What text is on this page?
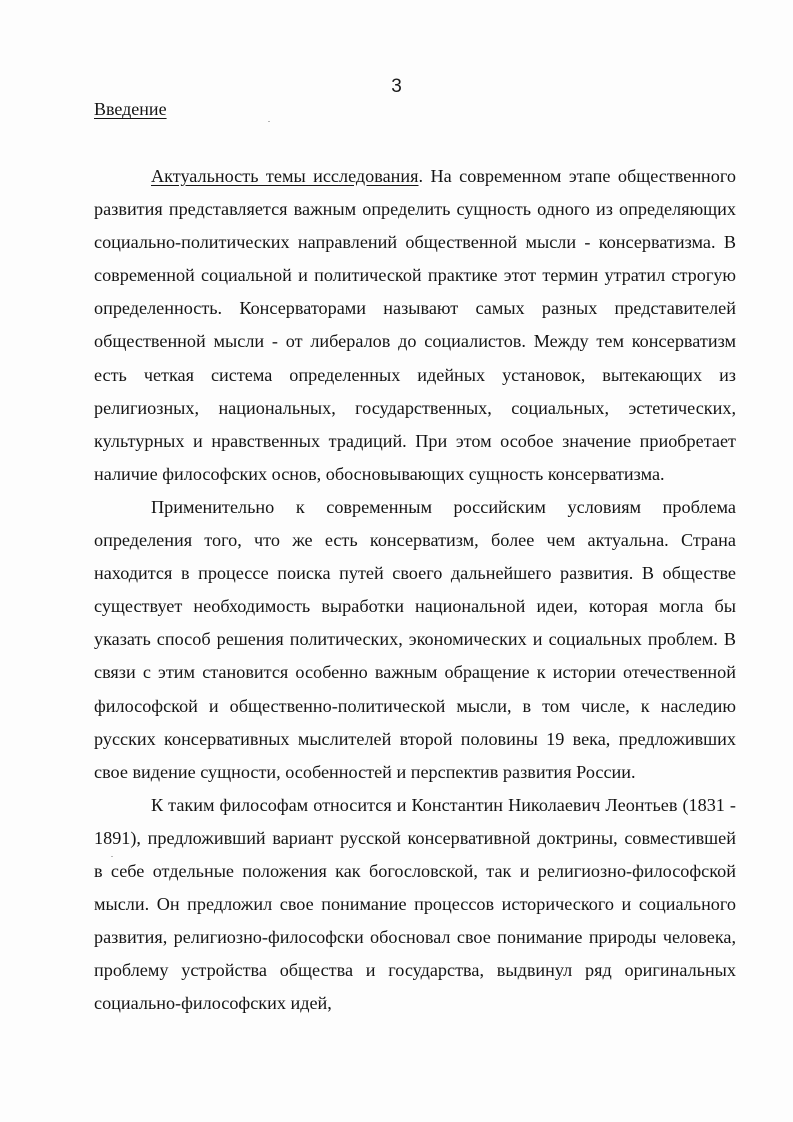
3
Введение

Актуальность темы исследования. На современном этапе общественного развития представляется важным определить сущность одного из определяющих социально-политических направлений общественной мысли - консерватизма. В современной социальной и политической практике этот термин утратил строгую определенность. Консерваторами называют самых разных представителей общественной мысли - от либералов до социалистов. Между тем консерватизм есть четкая система определенных идейных установок, вытекающих из религиозных, национальных, государственных, социальных, эстетических, культурных и нравственных традиций. При этом особое значение приобретает наличие философских основ, обосновывающих сущность консерватизма.

Применительно к современным российским условиям проблема определения того, что же есть консерватизм, более чем актуальна. Страна находится в процессе поиска путей своего дальнейшего развития. В обществе существует необходимость выработки национальной идеи, которая могла бы указать способ решения политических, экономических и социальных проблем. В связи с этим становится особенно важным обращение к истории отечественной философской и общественно-политической мысли, в том числе, к наследию русских консервативных мыслителей второй половины 19 века, предложивших свое видение сущности, особенностей и перспектив развития России.

К таким философам относится и Константин Николаевич Леонтьев (1831 - 1891), предложивший вариант русской консервативной доктрины, совместившей в себе отдельные положения как богословской, так и религиозно-философской мысли. Он предложил свое понимание процессов исторического и социального развития, религиозно-философски обосновал свое понимание природы человека, проблему устройства общества и государства, выдвинул ряд оригинальных социально-философских идей,
